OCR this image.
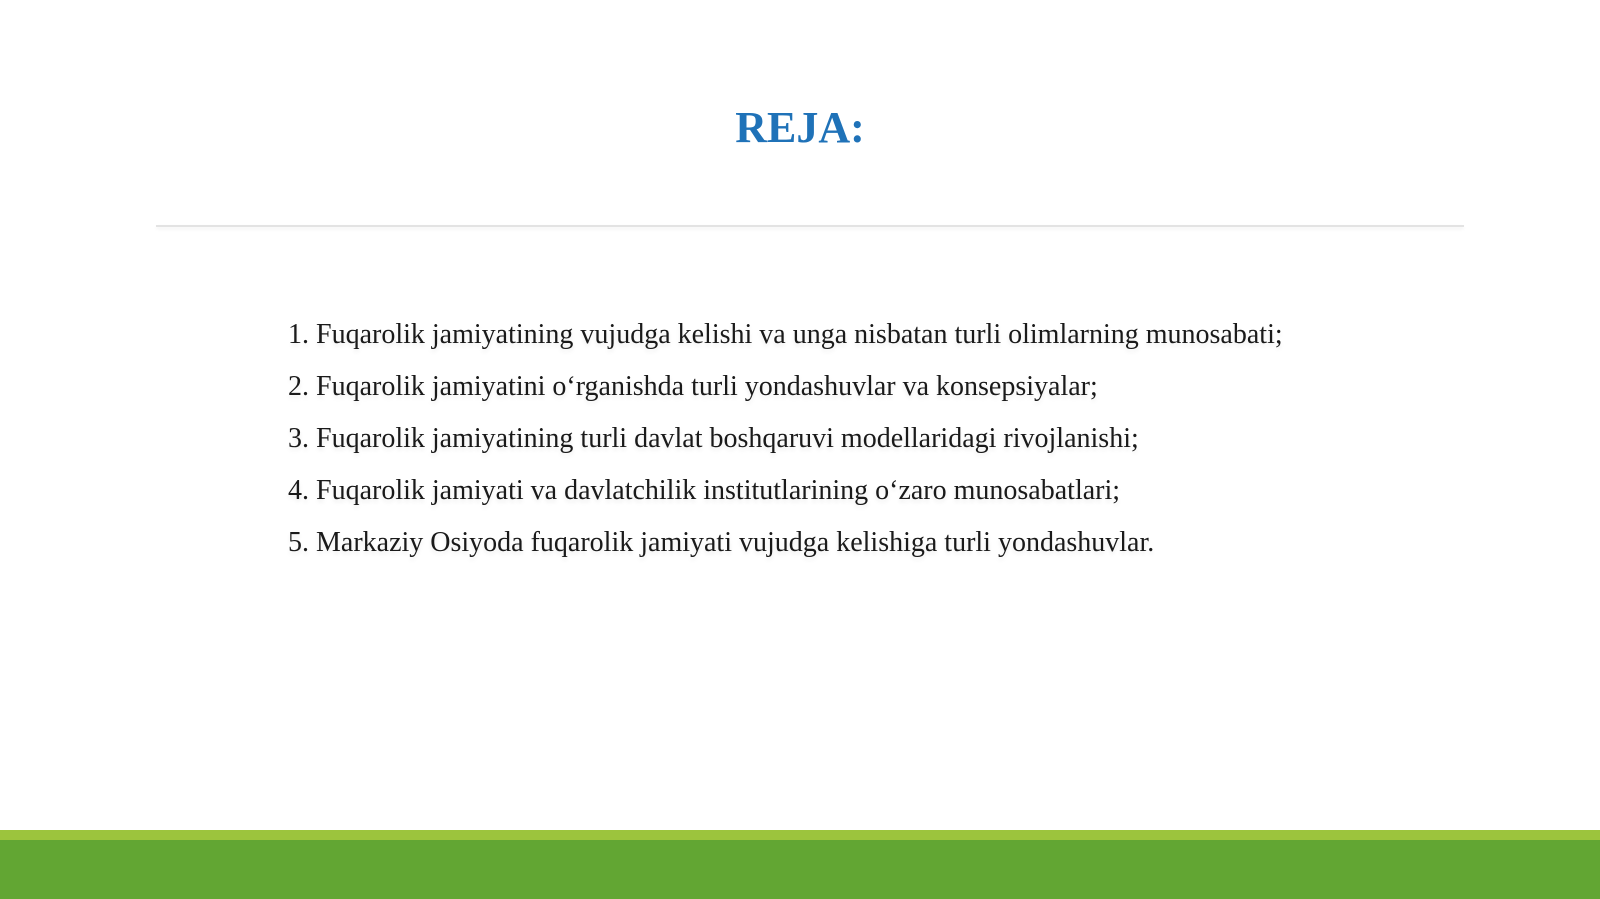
REJA:
1. Fuqarolik jamiyatining vujudga kelishi va unga nisbatan turli olimlarning munosabati;
2. Fuqarolik jamiyatini o‘rganishda turli yondashuvlar va konsepsiyalar;
3. Fuqarolik jamiyatining turli davlat boshqaruvi modellaridagi rivojlanishi;
4. Fuqarolik jamiyati va davlatchilik institutlarining o‘zaro munosabatlari;
5. Markaziy Osiyoda fuqarolik jamiyati vujudga kelishiga turli yondashuvlar.
